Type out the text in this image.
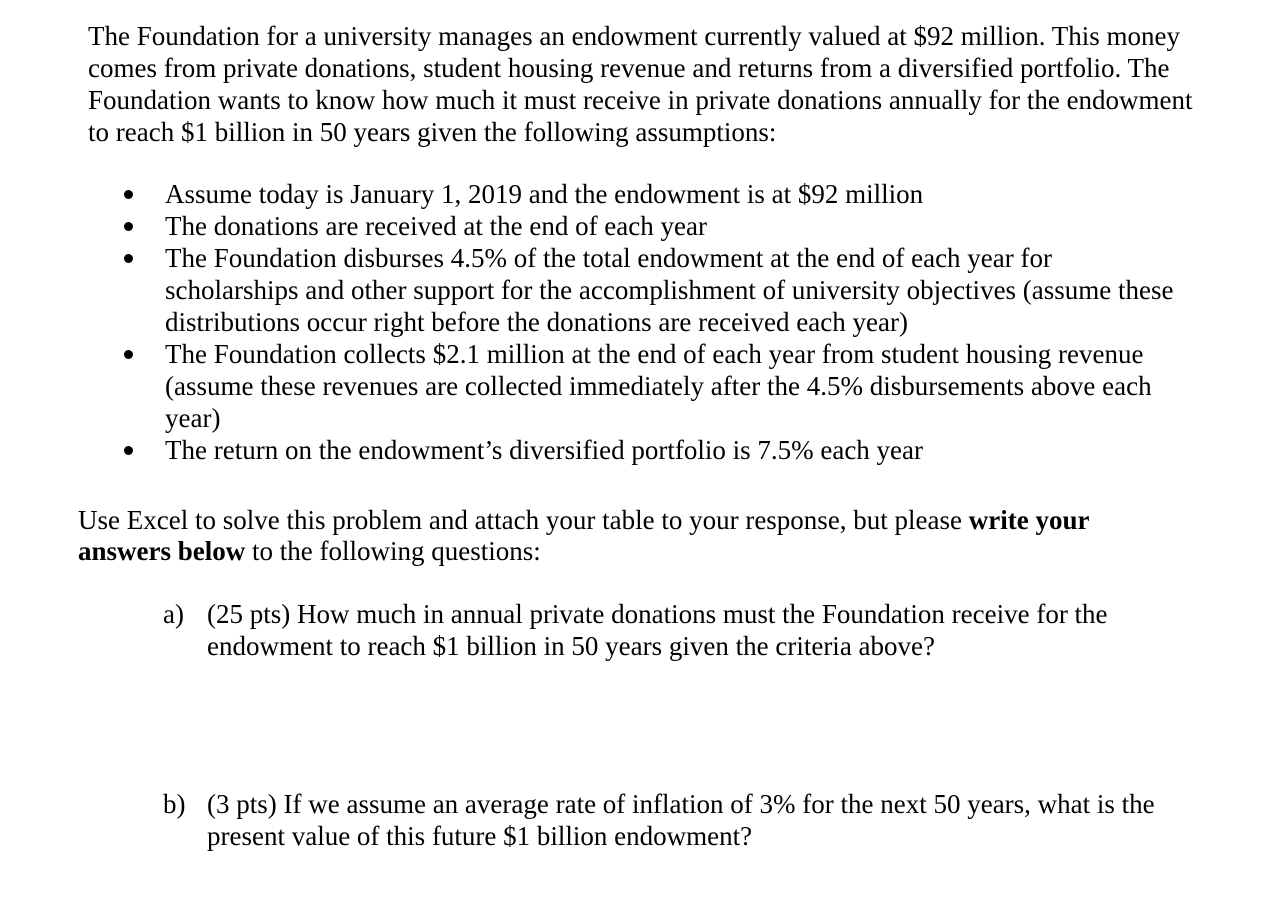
The Foundation for a university manages an endowment currently valued at $92 million. This money comes from private donations, student housing revenue and returns from a diversified portfolio. The Foundation wants to know how much it must receive in private donations annually for the endowment to reach $1 billion in 50 years given the following assumptions:

Assume today is January 1, 2019 and the endowment is at $92 million
The donations are received at the end of each year
The Foundation disburses 4.5% of the total endowment at the end of each year for scholarships and other support for the accomplishment of university objectives (assume these distributions occur right before the donations are received each year)
The Foundation collects $2.1 million at the end of each year from student housing revenue (assume these revenues are collected immediately after the 4.5% disbursements above each year)
The return on the endowment’s diversified portfolio is 7.5% each year

Use Excel to solve this problem and attach your table to your response, but please write your answers below to the following questions:

a) (25 pts) How much in annual private donations must the Foundation receive for the endowment to reach $1 billion in 50 years given the criteria above?
b) (3 pts) If we assume an average rate of inflation of 3% for the next 50 years, what is the present value of this future $1 billion endowment?
